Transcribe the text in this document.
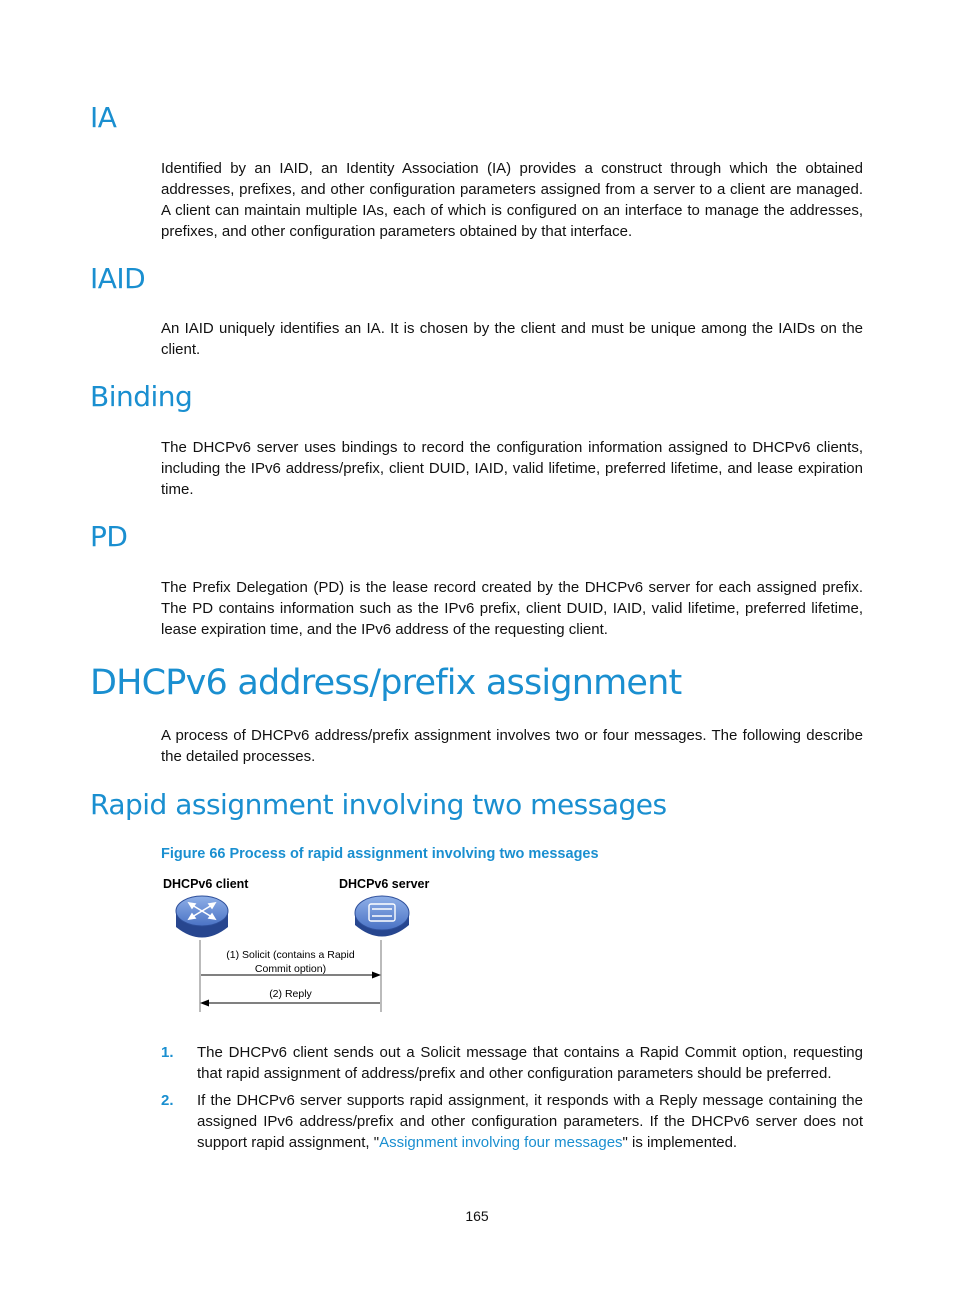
IA

Identified by an IAID, an Identity Association (IA) provides a construct through which the obtained addresses, prefixes, and other configuration parameters assigned from a server to a client are managed. A client can maintain multiple IAs, each of which is configured on an interface to manage the addresses, prefixes, and other configuration parameters obtained by that interface.

IAID

An IAID uniquely identifies an IA. It is chosen by the client and must be unique among the IAIDs on the client.

Binding

The DHCPv6 server uses bindings to record the configuration information assigned to DHCPv6 clients, including the IPv6 address/prefix, client DUID, IAID, valid lifetime, preferred lifetime, and lease expiration time.

PD

The Prefix Delegation (PD) is the lease record created by the DHCPv6 server for each assigned prefix. The PD contains information such as the IPv6 prefix, client DUID, IAID, valid lifetime, preferred lifetime, lease expiration time, and the IPv6 address of the requesting client.

DHCPv6 address/prefix assignment

A process of DHCPv6 address/prefix assignment involves two or four messages. The following describe the detailed processes.

Rapid assignment involving two messages

Figure 66 Process of rapid assignment involving two messages

DHCPv6 client	DHCPv6 server
(1) Solicit (contains a Rapid
Commit option)
(2) Reply
1. The DHCPv6 client sends out a Solicit message that contains a Rapid Commit option, requesting that rapid assignment of address/prefix and other configuration parameters should be preferred.
2. If the DHCPv6 server supports rapid assignment, it responds with a Reply message containing the assigned IPv6 address/prefix and other configuration parameters. If the DHCPv6 server does not support rapid assignment, "Assignment involving four messages" is implemented.
165
